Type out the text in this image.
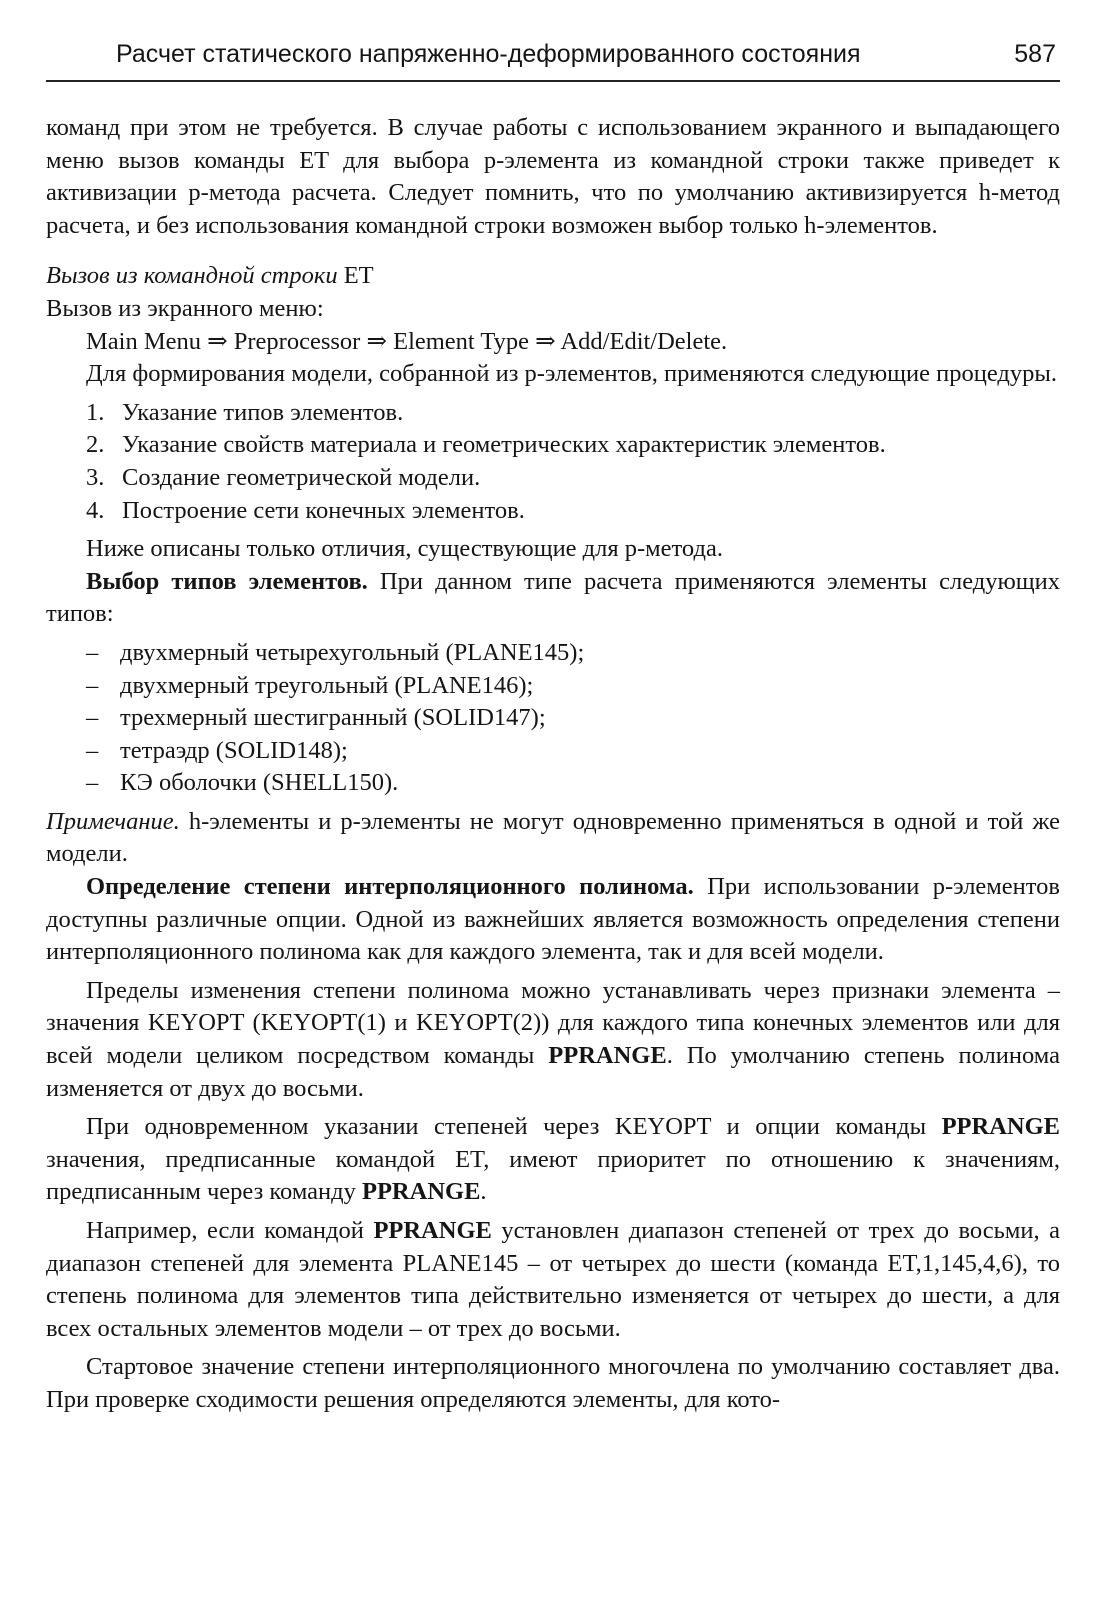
Расчет статического напряженно-деформированного состояния	587

команд при этом не требуется. В случае работы с использованием экранного и выпадающего меню вызов команды ET для выбора p-элемента из командной строки также приведет к активизации p-метода расчета. Следует помнить, что по умолчанию активизируется h-метод расчета, и без использования командной строки возможен выбор только h-элементов.

Вызов из командной строки ET

Вызов из экранного меню:

Main Menu ⇒ Preprocessor ⇒ Element Type ⇒ Add/Edit/Delete.

Для формирования модели, собранной из p-элементов, применяются следующие процедуры.

1. Указание типов элементов.
2. Указание свойств материала и геометрических характеристик элементов.
3. Создание геометрической модели.
4. Построение сети конечных элементов.

Ниже описаны только отличия, существующие для p-метода.

Выбор типов элементов. При данном типе расчета применяются элементы следующих типов:

– двухмерный четырехугольный (PLANE145);
– двухмерный треугольный (PLANE146);
– трехмерный шестигранный (SOLID147);
– тетраэдр (SOLID148);
– КЭ оболочки (SHELL150).

Примечание. h-элементы и p-элементы не могут одновременно применяться в одной и той же модели.

Определение степени интерполяционного полинома. При использовании p-элементов доступны различные опции. Одной из важнейших является возможность определения степени интерполяционного полинома как для каждого элемента, так и для всей модели.

Пределы изменения степени полинома можно устанавливать через признаки элемента – значения KEYOPT (KEYOPT(1) и KEYOPT(2)) для каждого типа конечных элементов или для всей модели целиком посредством команды PPRANGE. По умолчанию степень полинома изменяется от двух до восьми.

При одновременном указании степеней через KEYOPT и опции команды PPRANGE значения, предписанные командой ET, имеют приоритет по отношению к значениям, предписанным через команду PPRANGE.

Например, если командой PPRANGE установлен диапазон степеней от трех до восьми, а диапазон степеней для элемента PLANE145 – от четырех до шести (команда ET,1,145,4,6), то степень полинома для элементов типа действительно изменяется от четырех до шести, а для всех остальных элементов модели – от трех до восьми.

Стартовое значение степени интерполяционного многочлена по умолчанию составляет два. При проверке сходимости решения определяются элементы, для кото-
